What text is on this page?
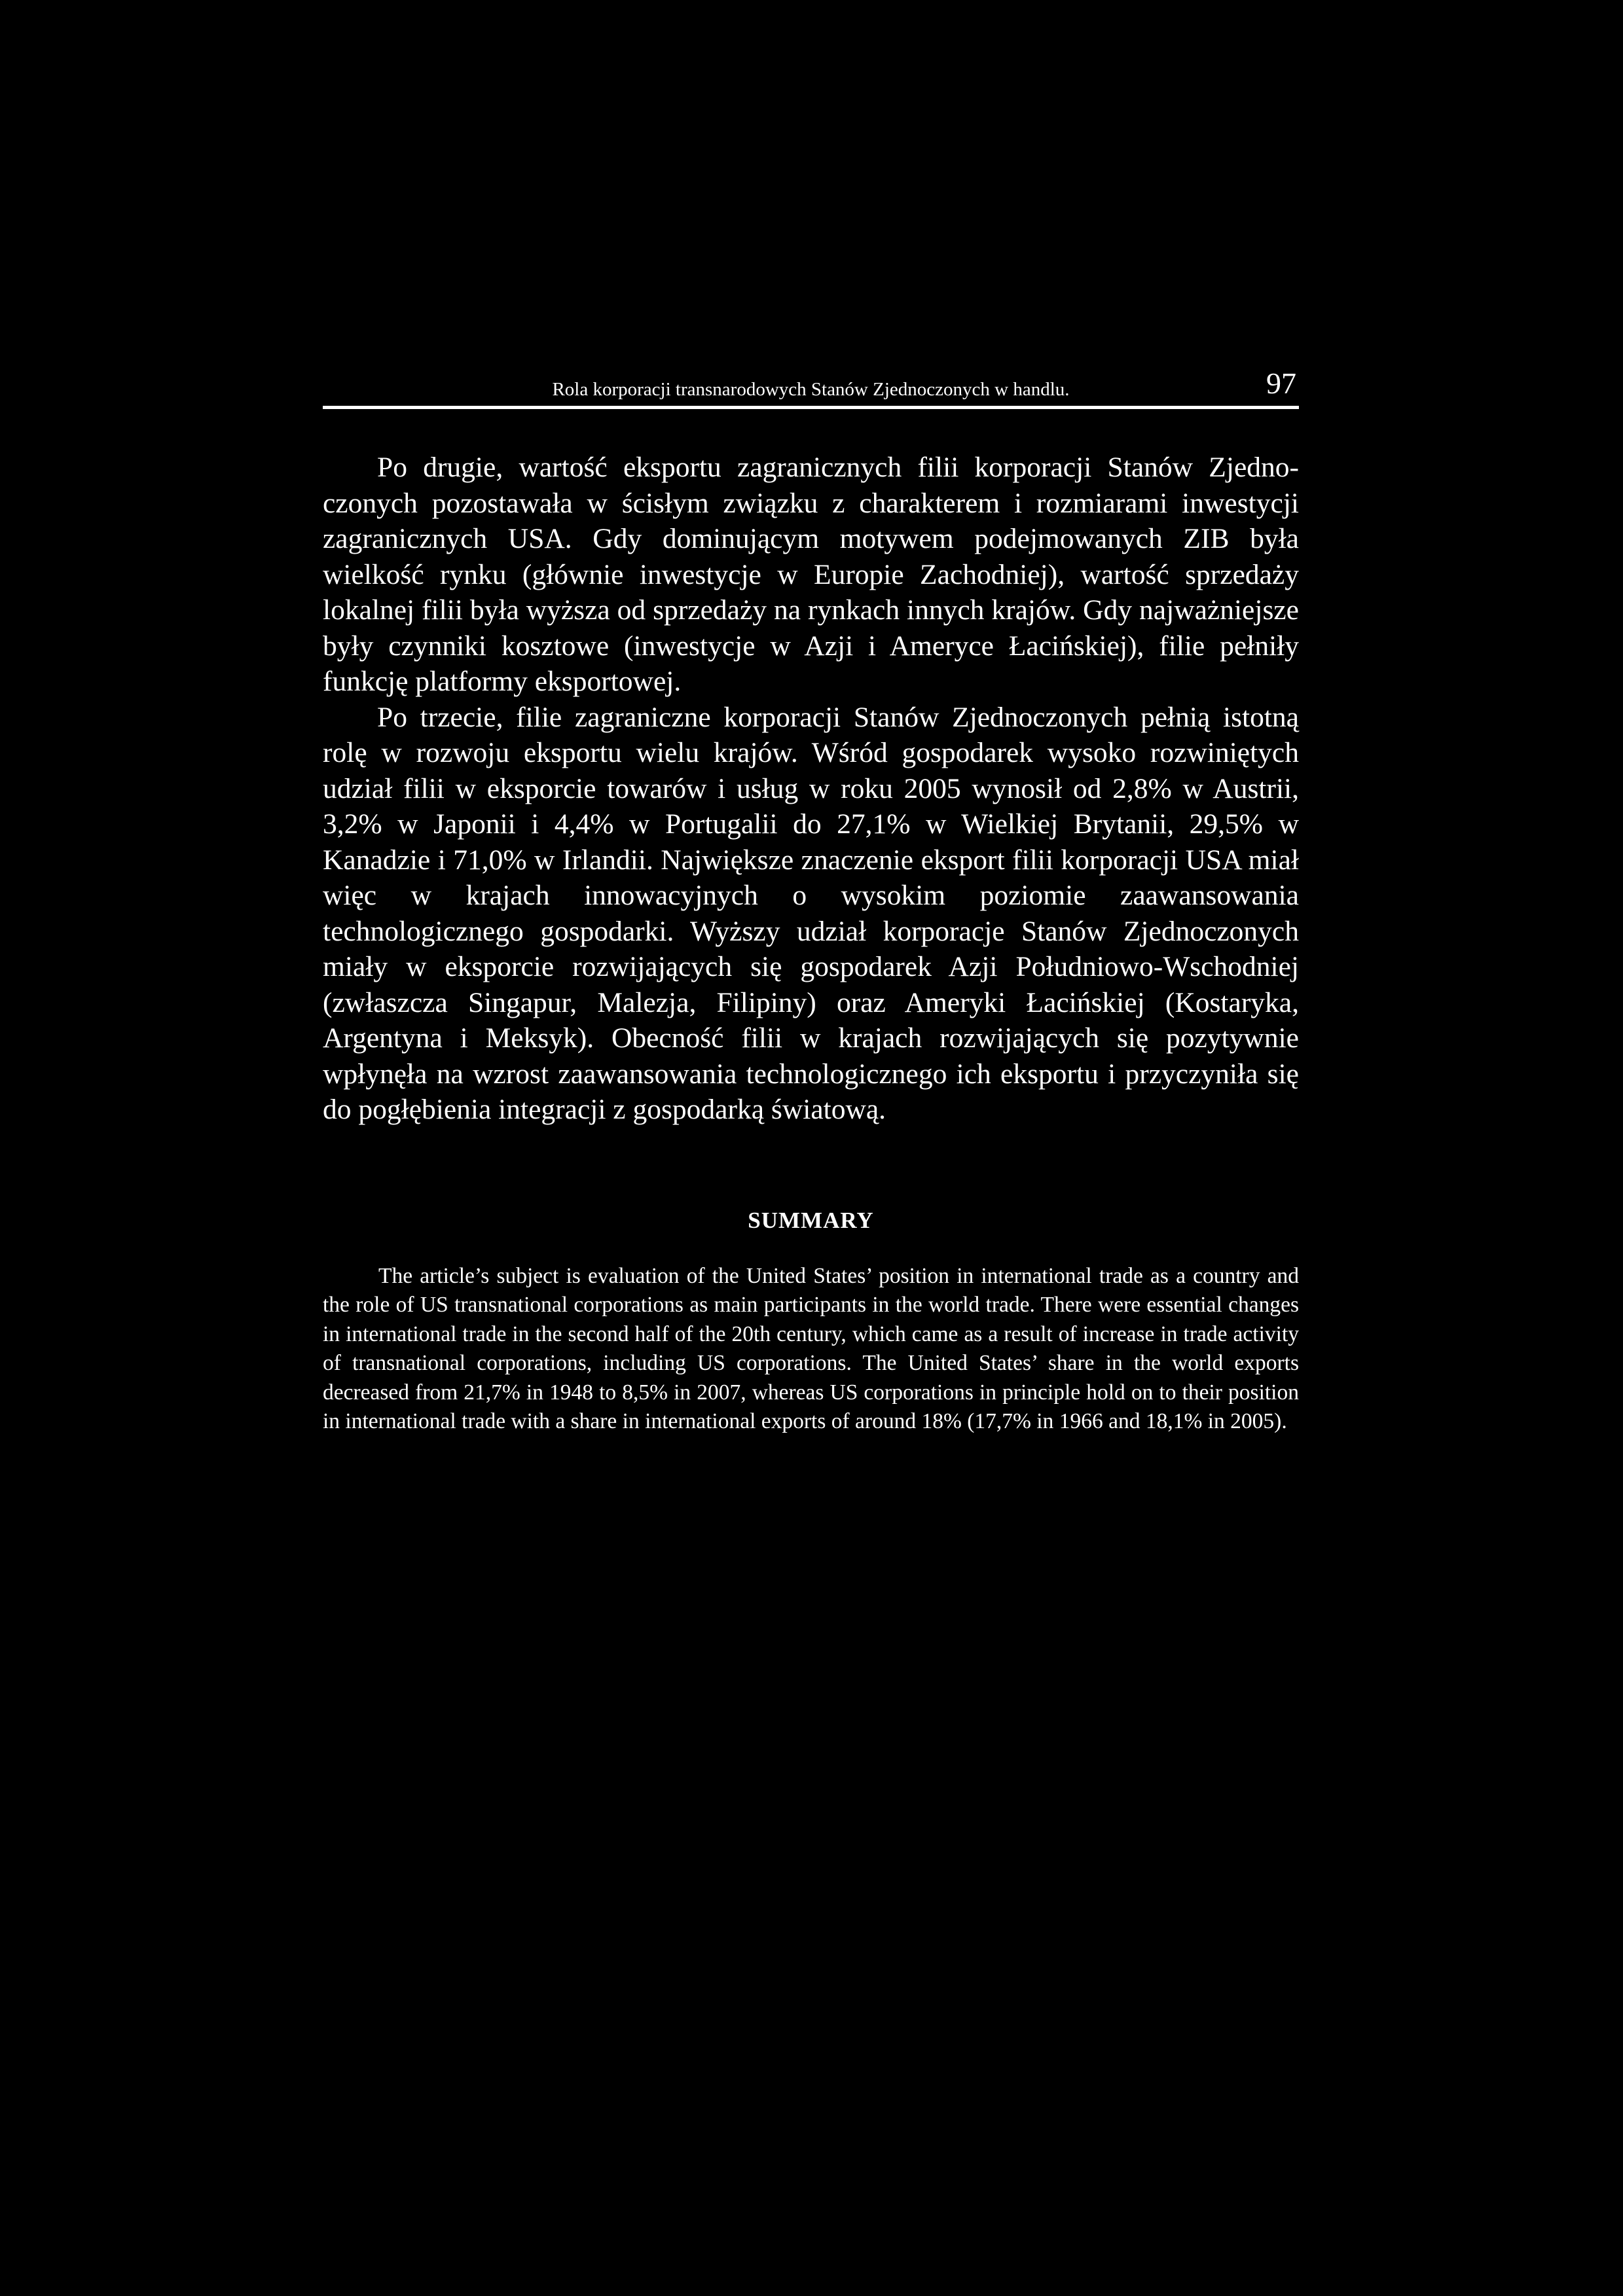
Rola korporacji transnarodowych Stanów Zjednoczonych w handlu.	97

Po drugie, wartość eksportu zagranicznych filii korporacji Stanów Zjednoczonych pozostawała w ścisłym związku z charakterem i rozmiarami inwestycji zagranicznych USA. Gdy dominującym motywem podejmowanych ZIB była wielkość rynku (głównie inwestycje w Europie Zachodniej), wartość sprzedaży lokalnej filii była wyższa od sprzedaży na rynkach innych krajów. Gdy najważniejsze były czynniki kosztowe (inwestycje w Azji i Ameryce Łacińskiej), filie pełniły funkcję platformy eksportowej.

Po trzecie, filie zagraniczne korporacji Stanów Zjednoczonych pełnią istotną rolę w rozwoju eksportu wielu krajów. Wśród gospodarek wysoko rozwiniętych udział filii w eksporcie towarów i usług w roku 2005 wynosił od 2,8% w Austrii, 3,2% w Japonii i 4,4% w Portugalii do 27,1% w Wielkiej Brytanii, 29,5% w Kanadzie i 71,0% w Irlandii. Największe znaczenie eksport filii korporacji USA miał więc w krajach innowacyjnych o wysokim poziomie zaawansowania technologicznego gospodarki. Wyższy udział korporacje Stanów Zjednoczonych miały w eksporcie rozwijających się gospodarek Azji Południowo-Wschodniej (zwłaszcza Singapur, Malezja, Filipiny) oraz Ameryki Łacińskiej (Kostaryka, Argentyna i Meksyk). Obecność filii w krajach rozwijających się pozytywnie wpłynęła na wzrost zaawansowania technologicznego ich eksportu i przyczyniła się do pogłębienia integracji z gospodarką światową.

SUMMARY

The article’s subject is evaluation of the United States’ position in international trade as a country and the role of US transnational corporations as main participants in the world trade. There were essential changes in international trade in the second half of the 20th century, which came as a result of increase in trade activity of transnational corporations, including US corporations. The United States’ share in the world exports decreased from 21,7% in 1948 to 8,5% in 2007, whereas US corporations in principle hold on to their position in international trade with a share in international exports of around 18% (17,7% in 1966 and 18,1% in 2005).
